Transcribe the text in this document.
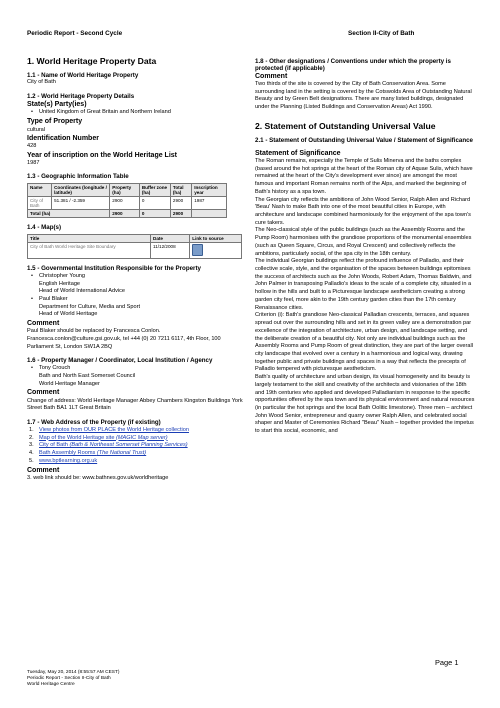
Periodic Report - Second Cycle	Section II-City of Bath
1. World Heritage Property Data
1.1 - Name of World Heritage Property

City of Bath

1.2 - World Heritage Property Details
State(s) Party(ies)
• United Kingdom of Great Britain and Northern Ireland
Type of Property

cultural

Identification Number

428

Year of inscription on the World Heritage List

1987

1.3 - Geographic Information Table
Name	Coordinates (longitude / latitude)	Property (ha)	Buffer zone (ha)	Total (ha)	Inscription year
City of Bath	51.381 / -2.359	2900	0	2900	1987
Total (ha)		2900	0	2900	
1.4 - Map(s)
Title	Date	Link to source
City of Bath World Heritage Site Boundary	11/12/2008	
1.5 - Governmental Institution Responsible for the Property
• Christopher Young
English Heritage
Head of World International Advice
• Paul Blaker
Department for Culture, Media and Sport
Head of World Heritage
Comment

Paul Blaker should be replaced by Francesca Conlon. Francesca.conlon@culture.gsi.gov.uk, tel +44 (0) 20 7211 6117, 4th Floor, 100 Parliament St, London SW1A 2BQ

1.6 - Property Manager / Coordinator, Local Institution / Agency
• Tony Crouch
Bath and North East Somerset Council
World Heritage Manager
Comment

Change of address: World Heritage Manager Abbey Chambers Kingston Buildings York Street Bath BA1 1LT Great Britain

1.7 - Web Address of the Property (if existing)
1. View photos from OUR PLACE the World Heritage collection
2. Map of the World Heritage site (MAGIC Map server)
3. City of Bath (Bath & Northeast Somerset Planning Services)
4. Bath Assembly Rooms (The National Trust)
5. www.bptlearning.org.uk
Comment

3. web link should be: www.bathnes.gov.uk/worldheritage

1.8 - Other designations / Conventions under which the property is protected (if applicable)
Comment

Two thirds of the site is covered by the City of Bath Conservation Area. Some surrounding land in the setting is covered by the Cotswolds Area of Outstanding Natural Beauty and by Green Belt designations. There are many listed buildings, designated under the Planning (Listed Buildings and Conservation Areas) Act 1990.

2. Statement of Outstanding Universal Value
2.1 - Statement of Outstanding Universal Value / Statement of Significance
Statement of Significance

The Roman remains, especially the Temple of Sulis Minerva and the baths complex (based around the hot springs at the heart of the Roman city of Aquae Sulis, which have remained at the heart of the City's development ever since) are amongst the most famous and important Roman remains north of the Alps, and marked the beginning of Bath's history as a spa town.

The Georgian city reflects the ambitions of John Wood Senior, Ralph Allen and Richard 'Beau' Nash to make Bath into one of the most beautiful cities in Europe, with architecture and landscape combined harmoniously for the enjoyment of the spa town's cure takers.

The Neo-classical style of the public buildings (such as the Assembly Rooms and the Pump Room) harmonises with the grandiose proportions of the monumental ensembles (such as Queen Square, Circus, and Royal Crescent) and collectively reflects the ambitions, particularly social, of the spa city in the 18th century.

The individual Georgian buildings reflect the profound influence of Palladio, and their collective scale, style, and the organisation of the spaces between buildings epitomises the success of architects such as the John Woods, Robert Adam, Thomas Baldwin, and John Palmer in transposing Palladio's ideas to the scale of a complete city, situated in a hollow in the hills and built to a Picturesque landscape aestheticism creating a strong garden city feel, more akin to the 19th century garden cities than the 17th century Renaissance cities.

Criterion (i): Bath's grandiose Neo-classical Palladian crescents, terraces, and squares spread out over the surrounding hills and set in its green valley are a demonstration par excellence of the integration of architecture, urban design, and landscape setting, and the deliberate creation of a beautiful city. Not only are individual buildings such as the Assembly Rooms and Pump Room of great distinction, they are part of the larger overall city landscape that evolved over a century in a harmonious and logical way, drawing together public and private buildings and spaces in a way that reflects the precepts of Palladio tempered with picturesque aestheticism.

Bath's quality of architecture and urban design, its visual homogeneity and its beauty is largely testament to the skill and creativity of the architects and visionaries of the 18th and 19th centuries who applied and developed Palladianism in response to the specific opportunities offered by the spa town and its physical environment and natural resources (in particular the hot springs and the local Bath Oolitic limestone). Three men – architect John Wood Senior, entrepreneur and quarry owner Ralph Allen, and celebrated social shaper and Master of Ceremonies Richard "Beau" Nash – together provided the impetus to start this social, economic, and

Page 1
Tuesday, May 20, 2014 (8:55:57 AM CEST)
Periodic Report - Section II-City of Bath
World Heritage Centre
